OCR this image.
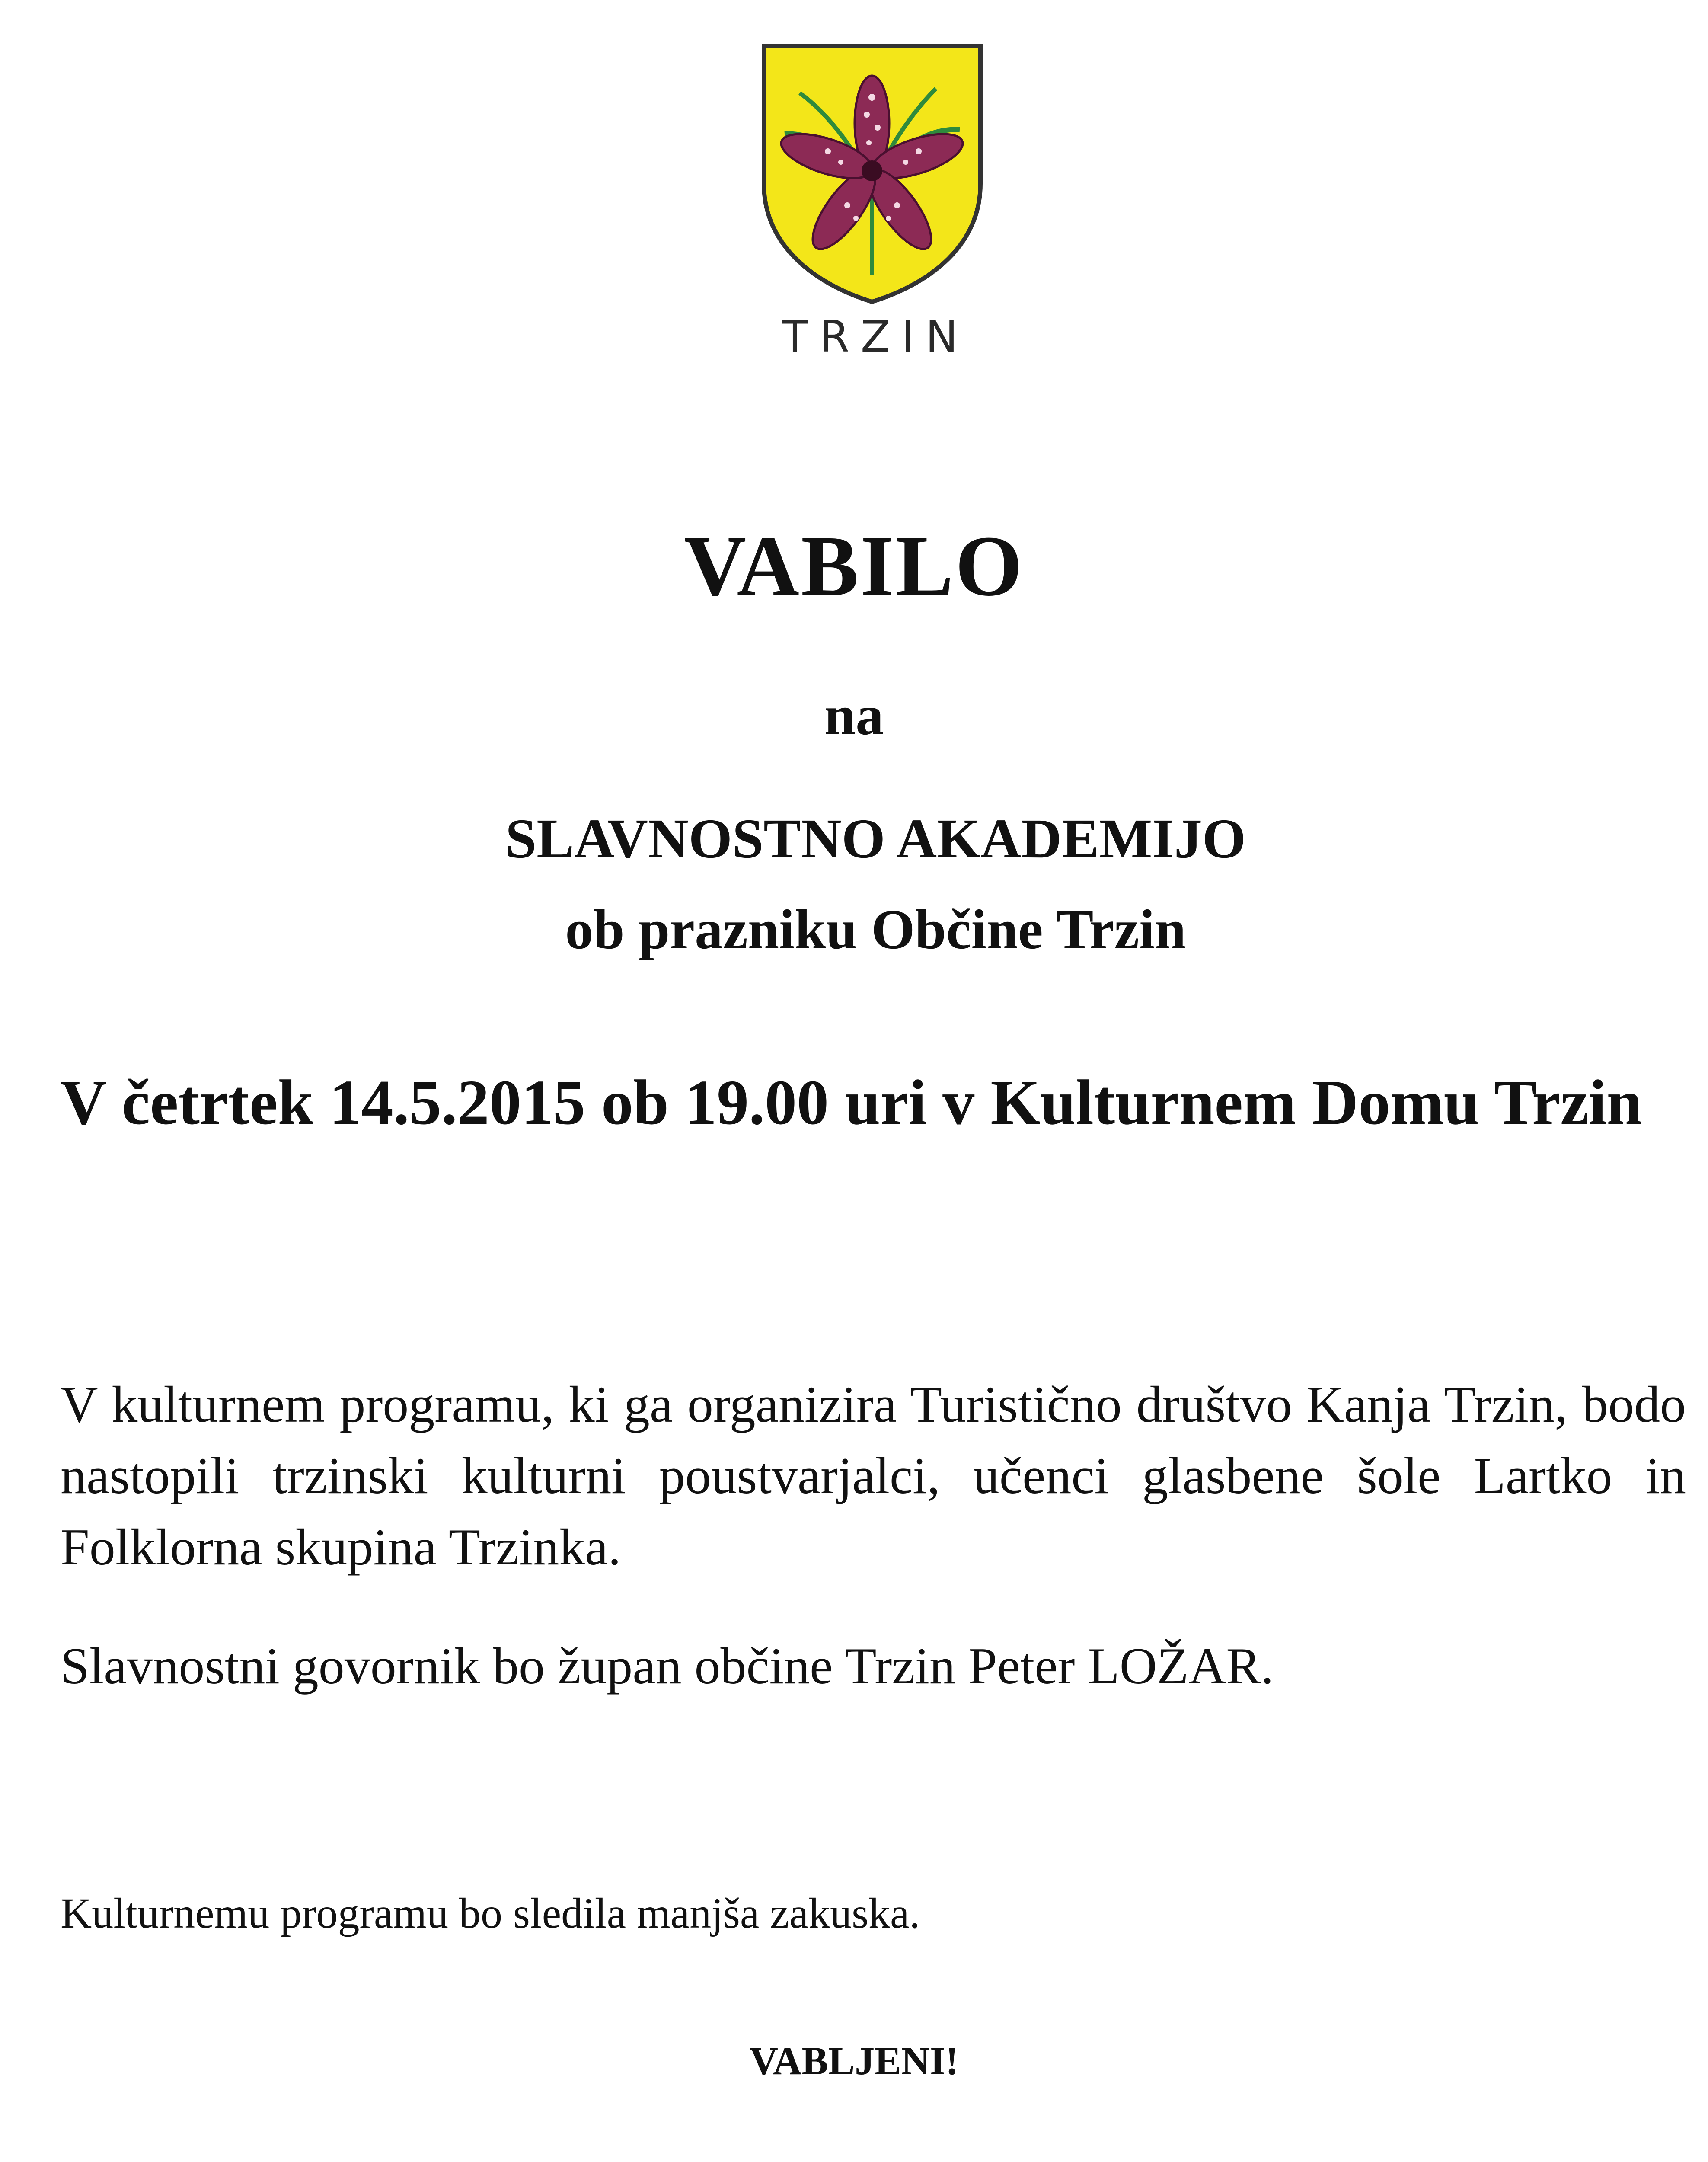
TRZIN
VABILO
na
SLAVNOSTNO AKADEMIJO
ob prazniku Občine Trzin
V četrtek 14.5.2015 ob 19.00 uri v Kulturnem Domu Trzin
V kulturnem programu, ki ga organizira Turistično društvo Kanja Trzin, bodo nastopili trzinski kulturni poustvarjalci, učenci glasbene šole Lartko in Folklorna skupina Trzinka.
Slavnostni govornik bo župan občine Trzin Peter LOŽAR.
Kulturnemu programu bo sledila manjša zakuska.
VABLJENI!
